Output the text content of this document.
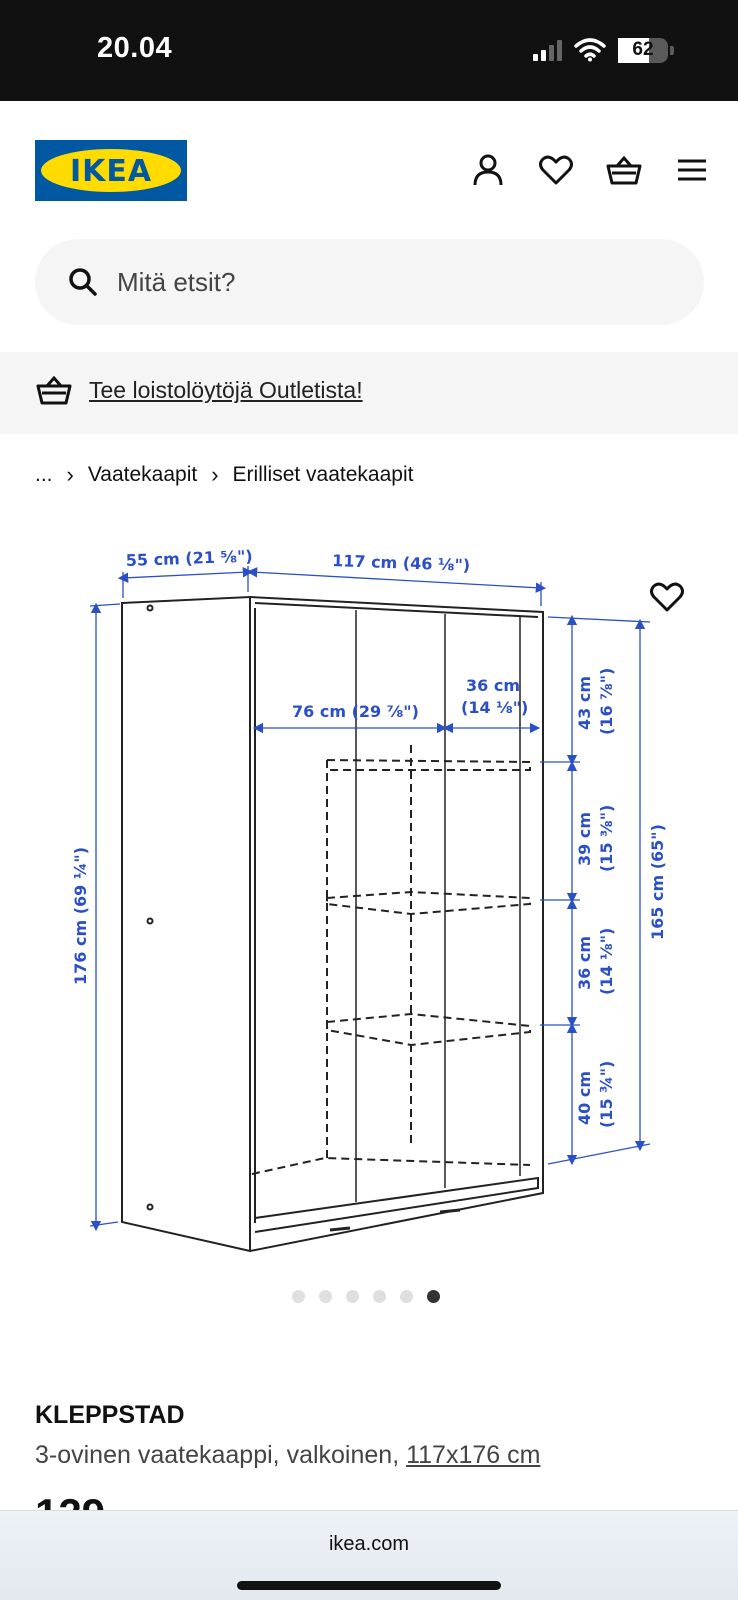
20.04	62
IKEA
Mitä etsit?
Tee loistolöytöjä Outletista!
... › Vaatekaapit › Erilliset vaatekaapit
55 cm (21 ⅝")	117 cm (46 ⅛")
176 cm (69 ¼")
76 cm (29 ⅞")
36 cm
(14 ⅛")	43 cm (16 ⅞")
39 cm (15 ⅜")
36 cm (14 ⅛")
40 cm (15 ¾")
165 cm (65")
KLEPPSTAD
3-ovinen vaatekaappi, valkoinen, 117x176 cm
ikea.com
